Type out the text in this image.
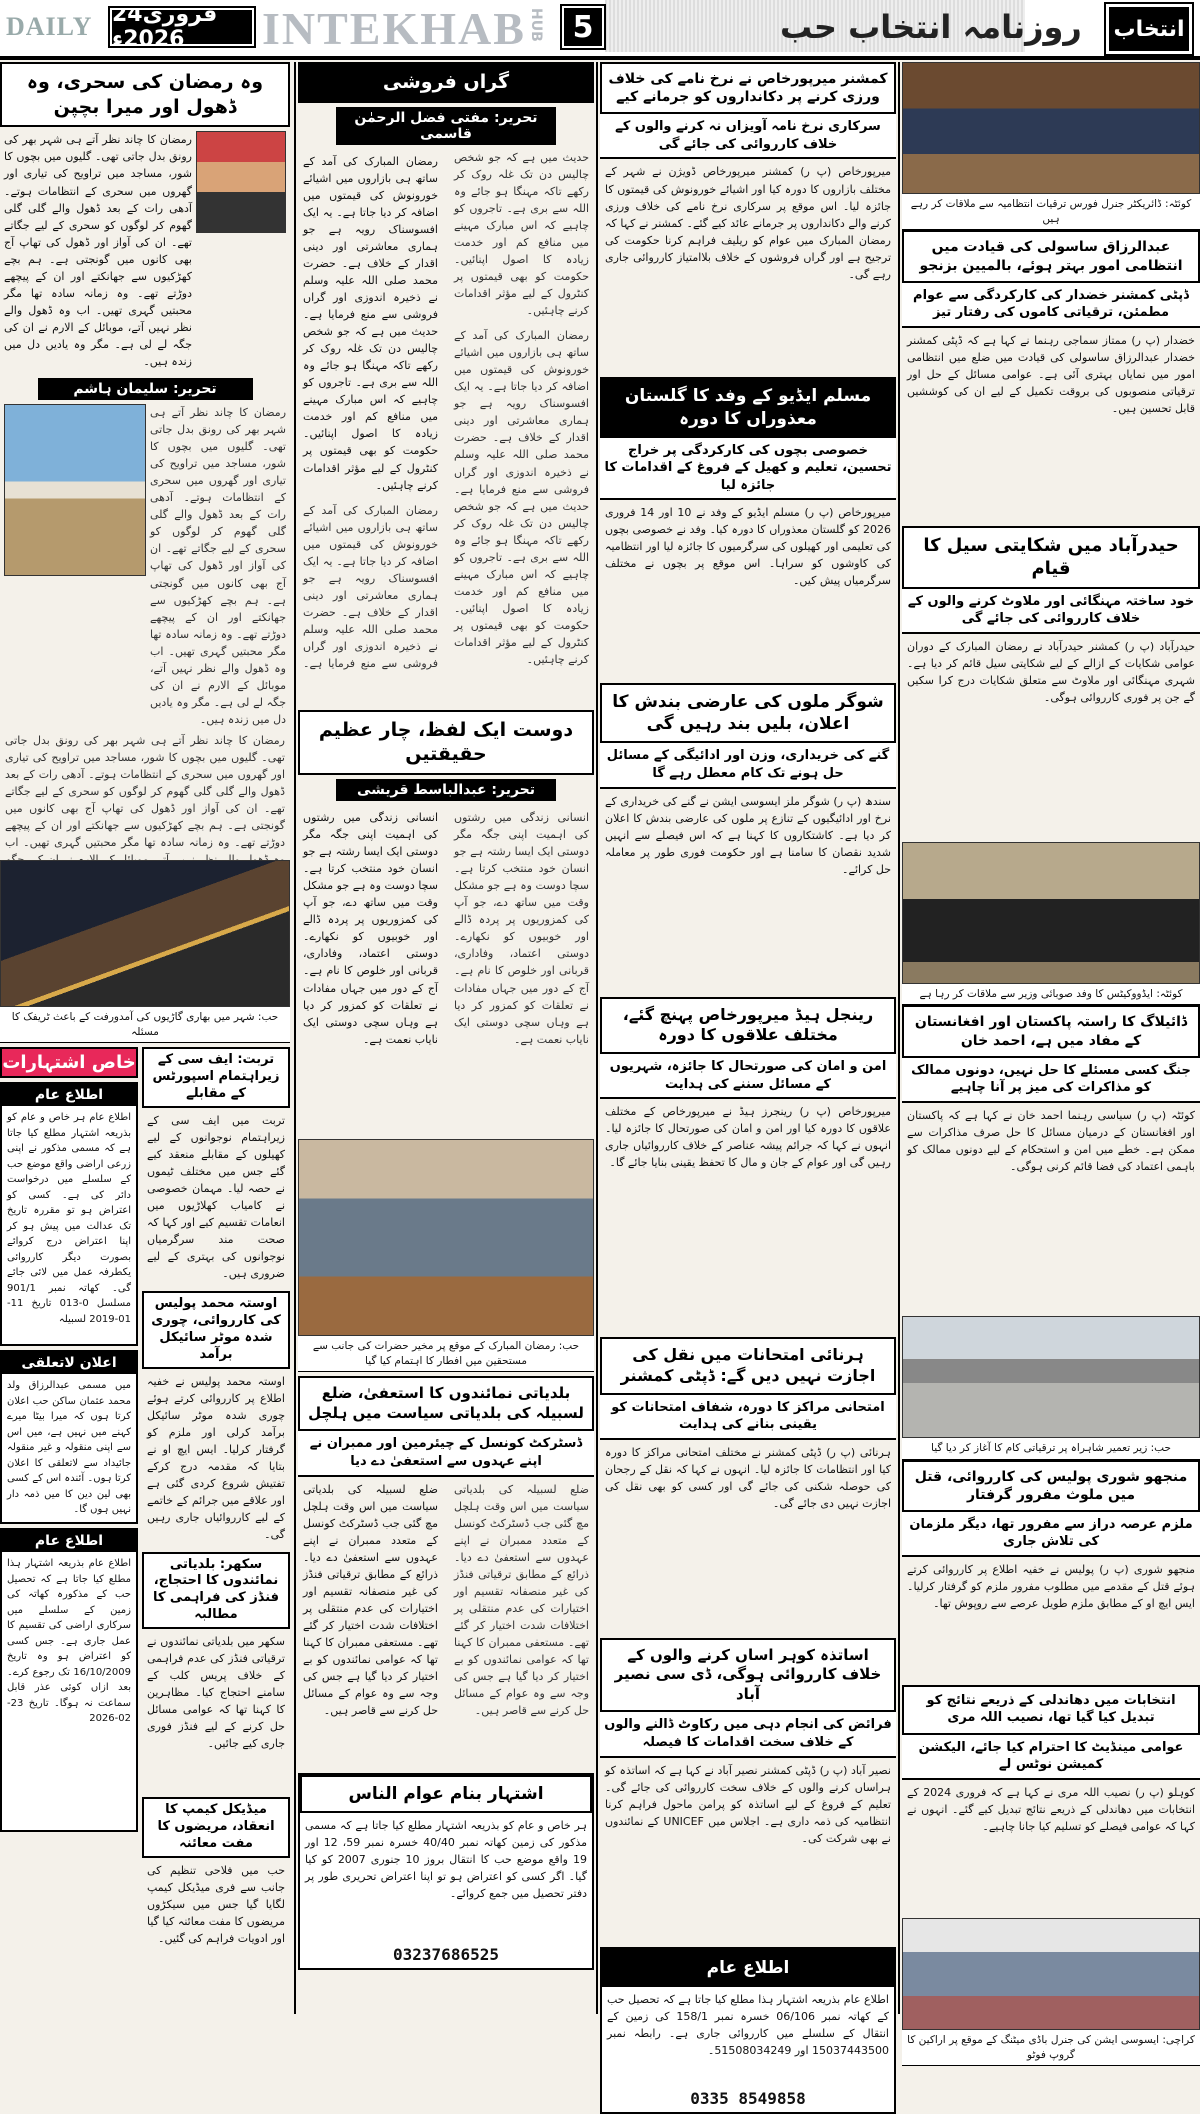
DAILY 24فروری 2026ء	INTEKHAB HUB 5	روزنامہ انتخاب حب	انتخاب
وہ رمضان کی سحری، وہ ڈھول اور میرا بچپن
رمضان کا چاند نظر آتے ہی شہر بھر کی رونق بدل جاتی تھی۔ گلیوں میں بچوں کا شور، مساجد میں تراویح کی تیاری اور گھروں میں سحری کے انتظامات ہوتے۔ آدھی رات کے بعد ڈھول والے گلی گلی گھوم کر لوگوں کو سحری کے لیے جگاتے تھے۔ ان کی آواز اور ڈھول کی تھاپ آج بھی کانوں میں گونجتی ہے۔ ہم بچے کھڑکیوں سے جھانکتے اور ان کے پیچھے دوڑتے تھے۔ وہ زمانہ سادہ تھا مگر محبتیں گہری تھیں۔ اب وہ ڈھول والے نظر نہیں آتے، موبائل کے الارم نے ان کی جگہ لے لی ہے۔ مگر وہ یادیں دل میں زندہ ہیں۔
تحریر: سلیمان ہاشم
رمضان کا چاند نظر آتے ہی شہر بھر کی رونق بدل جاتی تھی۔ گلیوں میں بچوں کا شور، مساجد میں تراویح کی تیاری اور گھروں میں سحری کے انتظامات ہوتے۔ آدھی رات کے بعد ڈھول والے گلی گلی گھوم کر لوگوں کو سحری کے لیے جگاتے تھے۔ ان کی آواز اور ڈھول کی تھاپ آج بھی کانوں میں گونجتی ہے۔ ہم بچے کھڑکیوں سے جھانکتے اور ان کے پیچھے دوڑتے تھے۔ وہ زمانہ سادہ تھا مگر محبتیں گہری تھیں۔ اب وہ ڈھول والے نظر نہیں آتے، موبائل کے الارم نے ان کی جگہ لے لی ہے۔ مگر وہ یادیں دل میں زندہ ہیں۔
رمضان کا چاند نظر آتے ہی شہر بھر کی رونق بدل جاتی تھی۔ گلیوں میں بچوں کا شور، مساجد میں تراویح کی تیاری اور گھروں میں سحری کے انتظامات ہوتے۔ آدھی رات کے بعد ڈھول والے گلی گلی گھوم کر لوگوں کو سحری کے لیے جگاتے تھے۔ ان کی آواز اور ڈھول کی تھاپ آج بھی کانوں میں گونجتی ہے۔ ہم بچے کھڑکیوں سے جھانکتے اور ان کے پیچھے دوڑتے تھے۔ وہ زمانہ سادہ تھا مگر محبتیں گہری تھیں۔ اب
حب: شہر میں بھاری گاڑیوں کی آمدورفت کے باعث ٹریفک کا مسئلہ
خاص اشتہارات
اطلاع عام
اطلاع عام ہر خاص و عام کو بذریعہ اشتہار مطلع کیا جاتا ہے کہ مسمی مذکور نے اپنی زرعی اراضی واقع موضع حب کے سلسلے میں درخواست دائر کی ہے۔ کسی کو اعتراض ہو تو مقررہ تاریخ تک عدالت میں پیش ہو کر اپنا اعتراض درج کروائے بصورت دیگر کارروائی یکطرفہ عمل میں لائی جائے گی۔ کھاتہ نمبر 901/1 مسلسل 0-013 تاریخ 11-01-2019 لسبیلہ
اعلان لاتعلقی
میں مسمی عبدالرزاق ولد محمد عثمان ساکن حب اعلان کرتا ہوں کہ میرا بیٹا میرے کہنے میں نہیں ہے، میں اس سے اپنی منقولہ و غیر منقولہ جائیداد سے لاتعلقی کا اعلان کرتا ہوں۔ آئندہ اس کے کسی بھی لین دین کا میں ذمہ دار نہیں ہوں گا۔
اطلاع عام
اطلاع عام بذریعہ اشتہار ہذا مطلع کیا جاتا ہے کہ تحصیل حب کے مذکورہ کھاتہ کی زمین کے سلسلے میں سرکاری اراضی کی تقسیم کا عمل جاری ہے۔ جس کسی کو اعتراض ہو وہ تاریخ 16/10/2009 تک رجوع کرے۔ بعد ازاں کوئی عذر قابل سماعت نہ ہوگا۔ تاریخ 23-02-2026
تربت: ایف سی کے زیراہتمام اسپورٹس کے مقابلے
تربت میں ایف سی کے زیراہتمام نوجوانوں کے لیے کھیلوں کے مقابلے منعقد کیے گئے جس میں مختلف ٹیموں نے حصہ لیا۔ مہمان خصوصی نے کامیاب کھلاڑیوں میں انعامات تقسیم کیے اور کہا کہ صحت مند سرگرمیاں نوجوانوں کی بہتری کے لیے ضروری ہیں۔
اوستہ محمد پولیس کی کارروائی، چوری شدہ موٹر سائیکل برآمد
اوستہ محمد پولیس نے خفیہ اطلاع پر کارروائی کرتے ہوئے چوری شدہ موٹر سائیکل برآمد کرلی اور ملزم کو گرفتار کرلیا۔ ایس ایچ او نے بتایا کہ مقدمہ درج کرکے تفتیش شروع کردی گئی ہے اور علاقے میں جرائم کے خاتمے کے لیے کارروائیاں جاری رہیں گی۔
سکھر: بلدیاتی نمائندوں کا احتجاج، فنڈز کی فراہمی کا مطالبہ
سکھر میں بلدیاتی نمائندوں نے ترقیاتی فنڈز کی عدم فراہمی کے خلاف پریس کلب کے سامنے احتجاج کیا۔ مظاہرین کا کہنا تھا کہ عوامی مسائل حل کرنے کے لیے فنڈز فوری جاری کیے جائیں۔
میڈیکل کیمپ کا انعقاد، مریضوں کا مفت معائنہ
حب میں فلاحی تنظیم کی جانب سے فری میڈیکل کیمپ لگایا گیا جس میں سیکڑوں مریضوں کا مفت معائنہ کیا گیا اور ادویات فراہم کی گئیں۔
گراں فروشی
تحریر: مفتی فضل الرحمٰن قاسمی
رمضان المبارک کی آمد کے ساتھ ہی بازاروں میں اشیائے خورونوش کی قیمتوں میں اضافہ کر دیا جاتا ہے۔ یہ ایک افسوسناک رویہ ہے جو ہماری معاشرتی اور دینی اقدار کے خلاف ہے۔ حضرت محمد صلی اللہ علیہ وسلم نے ذخیرہ اندوزی اور گراں فروشی سے منع فرمایا ہے۔ حدیث میں ہے کہ جو شخص چالیس دن تک غلہ روک کر رکھے تاکہ مہنگا ہو جائے وہ اللہ سے بری ہے۔ تاجروں کو چاہیے کہ اس مبارک مہینے میں منافع کم اور خدمت زیادہ کا اصول اپنائیں۔ حکومت کو بھی قیمتوں پر کنٹرول کے لیے مؤثر اقدامات کرنے چاہئیں۔
رمضان المبارک کی آمد کے ساتھ ہی بازاروں میں اشیائے خورونوش کی قیمتوں میں اضافہ کر دیا جاتا ہے۔ یہ ایک افسوسناک رویہ ہے جو ہماری معاشرتی اور دینی اقدار کے خلاف ہے۔ حضرت محمد صلی اللہ علیہ وسلم نے ذخیرہ اندوزی اور گراں فروشی سے منع فرمایا ہے۔ حدیث میں ہے کہ جو شخص چالیس دن تک غلہ روک کر رکھے تاکہ مہنگا ہو جائے وہ اللہ سے بری ہے۔ تاجروں کو چاہیے کہ اس مبارک مہینے میں منافع کم اور خدمت زیادہ کا اصول اپنائیں۔ حکومت کو بھی قیمتوں پر کنٹرول کے لیے مؤثر اقدامات کرنے چاہئیں۔
رمضان المبارک کی آمد کے ساتھ ہی بازاروں میں اشیائے خورونوش کی قیمتوں میں اضافہ کر دیا جاتا ہے۔ یہ ایک افسوسناک رویہ ہے جو ہماری معاشرتی اور دینی اقدار کے خلاف ہے۔ حضرت محمد صلی اللہ علیہ وسلم نے ذخیرہ اندوزی اور گراں فروشی سے منع فرمایا ہے۔ حدیث میں ہے کہ جو شخص چالیس دن تک غلہ روک کر رکھے تاکہ مہنگا ہو جائے وہ اللہ سے بری ہے۔ تاجروں کو چاہیے کہ اس مبارک مہینے میں منافع کم اور خدمت زیادہ کا اصول اپنائیں۔ حکومت کو بھی قیمتوں پر کنٹرول کے لیے مؤثر اقدامات کرنے چاہئیں۔
دوست ایک لفظ، چار عظیم حقیقتیں
تحریر: عبدالباسط قریشی
انسانی زندگی میں رشتوں کی اہمیت اپنی جگہ مگر دوستی ایک ایسا رشتہ ہے جو انسان خود منتخب کرتا ہے۔ سچا دوست وہ ہے جو مشکل وقت میں ساتھ دے، جو آپ کی کمزوریوں پر پردہ ڈالے اور خوبیوں کو نکھارے۔ دوستی اعتماد، وفاداری، قربانی اور خلوص کا نام ہے۔ آج کے دور میں جہاں مفادات نے تعلقات کو کمزور کر دیا ہے وہاں سچی دوستی ایک نایاب نعمت ہے۔
انسانی زندگی میں رشتوں کی اہمیت اپنی جگہ مگر دوستی ایک ایسا رشتہ ہے جو انسان خود منتخب کرتا ہے۔ سچا دوست وہ ہے جو مشکل وقت میں ساتھ دے، جو آپ کی کمزوریوں پر پردہ ڈالے اور خوبیوں کو نکھارے۔ دوستی اعتماد، وفاداری، قربانی اور خلوص کا نام ہے۔ آج کے دور میں جہاں مفادات نے تعلقات کو کمزور کر دیا ہے وہاں سچی دوستی ایک نایاب نعمت ہے۔
حب: رمضان المبارک کے موقع پر مخیر حضرات کی جانب سے مستحقین میں افطار کا اہتمام کیا گیا
بلدیاتی نمائندوں کا استعفیٰ، ضلع لسبیلہ کی بلدیاتی سیاست میں ہلچل
ڈسٹرکٹ کونسل کے چیئرمین اور ممبران نے اپنے عہدوں سے استعفیٰ دے دیا
ضلع لسبیلہ کی بلدیاتی سیاست میں اس وقت ہلچل مچ گئی جب ڈسٹرکٹ کونسل کے متعدد ممبران نے اپنے عہدوں سے استعفیٰ دے دیا۔ ذرائع کے مطابق ترقیاتی فنڈز کی غیر منصفانہ تقسیم اور اختیارات کی عدم منتقلی پر اختلافات شدت اختیار کر گئے تھے۔ مستعفی ممبران کا کہنا تھا کہ عوامی نمائندوں کو بے اختیار کر دیا گیا ہے جس کی وجہ سے وہ عوام کے مسائل حل کرنے سے قاصر ہیں۔
ضلع لسبیلہ کی بلدیاتی سیاست میں اس وقت ہلچل مچ گئی جب ڈسٹرکٹ کونسل کے متعدد ممبران نے اپنے عہدوں سے استعفیٰ دے دیا۔ ذرائع کے مطابق ترقیاتی فنڈز کی غیر منصفانہ تقسیم اور اختیارات کی عدم منتقلی پر اختلافات شدت اختیار کر گئے تھے۔ مستعفی ممبران کا کہنا تھا کہ عوامی نمائندوں کو بے اختیار کر دیا گیا ہے جس کی وجہ سے وہ عوام کے مسائل حل کرنے سے قاصر ہیں۔
اشتہار بنام عوام الناس
ہر خاص و عام کو بذریعہ اشتہار مطلع کیا جاتا ہے کہ مسمی مذکور کی زمین کھاتہ نمبر 40/40 خسرہ نمبر 59، 12 اور 19 واقع موضع حب کا انتقال بروز 10 جنوری 2007 کو کیا گیا۔ اگر کسی کو اعتراض ہو تو اپنا اعتراض تحریری طور پر دفتر تحصیل میں جمع کروائے۔
03237686525
کمشنر میرپورخاص نے نرخ نامے کی خلاف ورزی کرنے پر دکانداروں کو جرمانے کیے
سرکاری نرخ نامہ آویزاں نہ کرنے والوں کے خلاف کارروائی کی جائے گی
میرپورخاص (پ ر) کمشنر میرپورخاص ڈویژن نے شہر کے مختلف بازاروں کا دورہ کیا اور اشیائے خورونوش کی قیمتوں کا جائزہ لیا۔ اس موقع پر سرکاری نرخ نامے کی خلاف ورزی کرنے والے دکانداروں پر جرمانے عائد کیے گئے۔ کمشنر نے کہا کہ رمضان المبارک میں عوام کو ریلیف فراہم کرنا حکومت کی ترجیح ہے اور گراں فروشوں کے خلاف بلاامتیاز کارروائی جاری رہے گی۔
مسلم ایڈیو کے وفد کا گلستان معذوراں کا دورہ
خصوصی بچوں کی کارکردگی پر خراج تحسین، تعلیم و کھیل کے فروغ کے اقدامات کا جائزہ لیا
میرپورخاص (پ ر) مسلم ایڈیو کے وفد نے 10 اور 14 فروری 2026 کو گلستان معذوراں کا دورہ کیا۔ وفد نے خصوصی بچوں کی تعلیمی اور کھیلوں کی سرگرمیوں کا جائزہ لیا اور انتظامیہ کی کاوشوں کو سراہا۔ اس موقع پر بچوں نے مختلف سرگرمیاں پیش کیں۔
شوگر ملوں کی عارضی بندش کا اعلان، بلیں بند رہیں گی
گنے کی خریداری، وزن اور ادائیگی کے مسائل حل ہونے تک کام معطل رہے گا
سندھ (پ ر) شوگر ملز ایسوسی ایشن نے گنے کی خریداری کے نرخ اور ادائیگیوں کے تنازع پر ملوں کی عارضی بندش کا اعلان کر دیا ہے۔ کاشتکاروں کا کہنا ہے کہ اس فیصلے سے انہیں شدید نقصان کا سامنا ہے اور حکومت فوری طور پر معاملہ حل کرائے۔
رینجل ہیڈ میرپورخاص پہنچ گئے، مختلف علاقوں کا دورہ
امن و امان کی صورتحال کا جائزہ، شہریوں کے مسائل سننے کی ہدایت
میرپورخاص (پ ر) رینجرز ہیڈ نے میرپورخاص کے مختلف علاقوں کا دورہ کیا اور امن و امان کی صورتحال کا جائزہ لیا۔ انہوں نے کہا کہ جرائم پیشہ عناصر کے خلاف کارروائیاں جاری رہیں گی اور عوام کے جان و مال کا تحفظ یقینی بنایا جائے گا۔
ہرنائی امتحانات میں نقل کی اجازت نہیں دیں گے: ڈپٹی کمشنر
امتحانی مراکز کا دورہ، شفاف امتحانات کو یقینی بنانے کی ہدایت
ہرنائی (پ ر) ڈپٹی کمشنر نے مختلف امتحانی مراکز کا دورہ کیا اور انتظامات کا جائزہ لیا۔ انہوں نے کہا کہ نقل کے رجحان کی حوصلہ شکنی کی جائے گی اور کسی کو بھی نقل کی اجازت نہیں دی جائے گی۔
اساتذہ کوہر اساں کرنے والوں کے خلاف کارروائی ہوگی، ڈی سی نصیر آباد
فرائض کی انجام دہی میں رکاوٹ ڈالنے والوں کے خلاف سخت اقدامات کا فیصلہ
نصیر آباد (پ ر) ڈپٹی کمشنر نصیر آباد نے کہا ہے کہ اساتذہ کو ہراساں کرنے والوں کے خلاف سخت کارروائی کی جائے گی۔ تعلیم کے فروغ کے لیے اساتذہ کو پرامن ماحول فراہم کرنا انتظامیہ کی ذمہ داری ہے۔ اجلاس میں UNICEF کے نمائندوں نے بھی شرکت کی۔
اطلاع عام
اطلاع عام بذریعہ اشتہار ہذا مطلع کیا جاتا ہے کہ تحصیل حب کے کھاتہ نمبر 06/106 خسرہ نمبر 158/1 کی زمین کے انتقال کے سلسلے میں کارروائی جاری ہے۔ رابطہ نمبر 15037443500 اور 51508034249۔
0335 8549858
کوئٹہ: ڈائریکٹر جنرل فورس ترقیات انتظامیہ سے ملاقات کر رہے ہیں
عبدالرزاق ساسولی کی قیادت میں انتظامی امور بہتر ہوئے، بالمیین بزنجو
ڈپٹی کمشنر خضدار کی کارکردگی سے عوام مطمئن، ترقیاتی کاموں کی رفتار تیز
خضدار (پ ر) ممتاز سماجی رہنما نے کہا ہے کہ ڈپٹی کمشنر خضدار عبدالرزاق ساسولی کی قیادت میں ضلع میں انتظامی امور میں نمایاں بہتری آئی ہے۔ عوامی مسائل کے حل اور ترقیاتی منصوبوں کی بروقت تکمیل کے لیے ان کی کوششیں قابل تحسین ہیں۔
حیدرآباد میں شکایتی سیل کا قیام
خود ساختہ مہنگائی اور ملاوٹ کرنے والوں کے خلاف کارروائی کی جائے گی
حیدرآباد (پ ر) کمشنر حیدرآباد نے رمضان المبارک کے دوران عوامی شکایات کے ازالے کے لیے شکایتی سیل قائم کر دیا ہے۔ شہری مہنگائی اور ملاوٹ سے متعلق شکایات درج کرا سکیں گے جن پر فوری کارروائی ہوگی۔
کوئٹہ: ایڈووکیٹس کا وفد صوبائی وزیر سے ملاقات کر رہا ہے
ڈائیلاگ کا راستہ پاکستان اور افغانستان کے مفاد میں ہے، احمد خان
جنگ کسی مسئلے کا حل نہیں، دونوں ممالک کو مذاکرات کی میز پر آنا چاہیے
کوئٹہ (پ ر) سیاسی رہنما احمد خان نے کہا ہے کہ پاکستان اور افغانستان کے درمیان مسائل کا حل صرف مذاکرات سے ممکن ہے۔ خطے میں امن و استحکام کے لیے دونوں ممالک کو باہمی اعتماد کی فضا قائم کرنی ہوگی۔
حب: زیر تعمیر شاہراہ پر ترقیاتی کام کا آغاز کر دیا گیا
منجھو شوری پولیس کی کارروائی، قتل میں ملوث مفرور گرفتار
ملزم عرصہ دراز سے مفرور تھا، دیگر ملزمان کی تلاش جاری
منجھو شوری (پ ر) پولیس نے خفیہ اطلاع پر کارروائی کرتے ہوئے قتل کے مقدمے میں مطلوب مفرور ملزم کو گرفتار کرلیا۔ ایس ایچ او کے مطابق ملزم طویل عرصے سے روپوش تھا۔
انتخابات میں دھاندلی کے ذریعے نتائج کو تبدیل کیا گیا تھا، نصیب اللہ مری
عوامی مینڈیٹ کا احترام کیا جائے، الیکشن کمیشن نوٹس لے
کوہلو (پ ر) نصیب اللہ مری نے کہا ہے کہ فروری 2024 کے انتخابات میں دھاندلی کے ذریعے نتائج تبدیل کیے گئے۔ انہوں نے کہا کہ عوامی فیصلے کو تسلیم کیا جانا چاہیے۔
کراچی: ایسوسی ایشن کی جنرل باڈی میٹنگ کے موقع پر اراکین کا گروپ فوٹو
